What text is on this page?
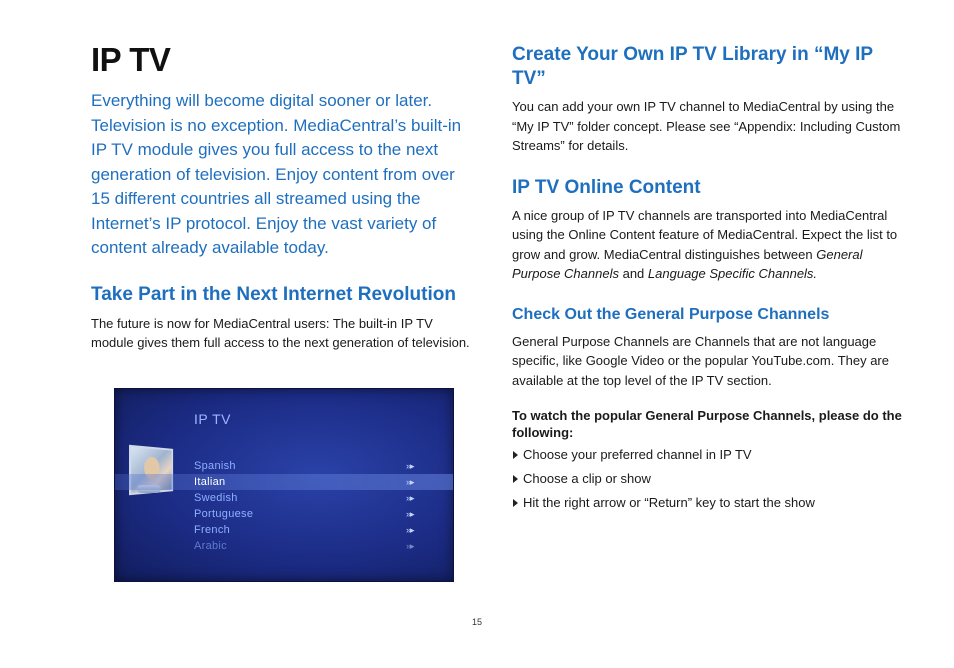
IP TV

Everything will become digital sooner or later. Television is no exception. MediaCentral’s built-in IP TV module gives you full access to the next generation of television. Enjoy content from over 15 different countries all streamed using the Internet’s IP protocol. Enjoy the vast variety of content already available today.

Take Part in the Next Internet Revolution

The future is now for MediaCentral users: The built-in IP TV module gives them full access to the next generation of television.

IP TV
Spanish	»▸
Italian	»▸
Swedish	»▸
Portuguese	»▸
French	»▸
Arabic	»▸
Create Your Own IP TV Library in “My IP TV”

You can add your own IP TV channel to MediaCentral by using the “My IP TV” folder concept. Please see “Appendix: Including Custom Streams” for details.

IP TV Online Content

A nice group of IP TV channels are transported into MediaCentral using the Online Content feature of MediaCentral. Expect the list to grow and grow. MediaCentral distinguishes between General Purpose Channels and Language Specific Channels.

Check Out the General Purpose Channels

General Purpose Channels are Channels that are not language specific, like Google Video or the popular YouTube.com. They are available at the top level of the IP TV section.

To watch the popular General Purpose Channels, please do the following:

Choose your preferred channel in IP TV
Choose a clip or show
Hit the right arrow or “Return” key to start the show
15
